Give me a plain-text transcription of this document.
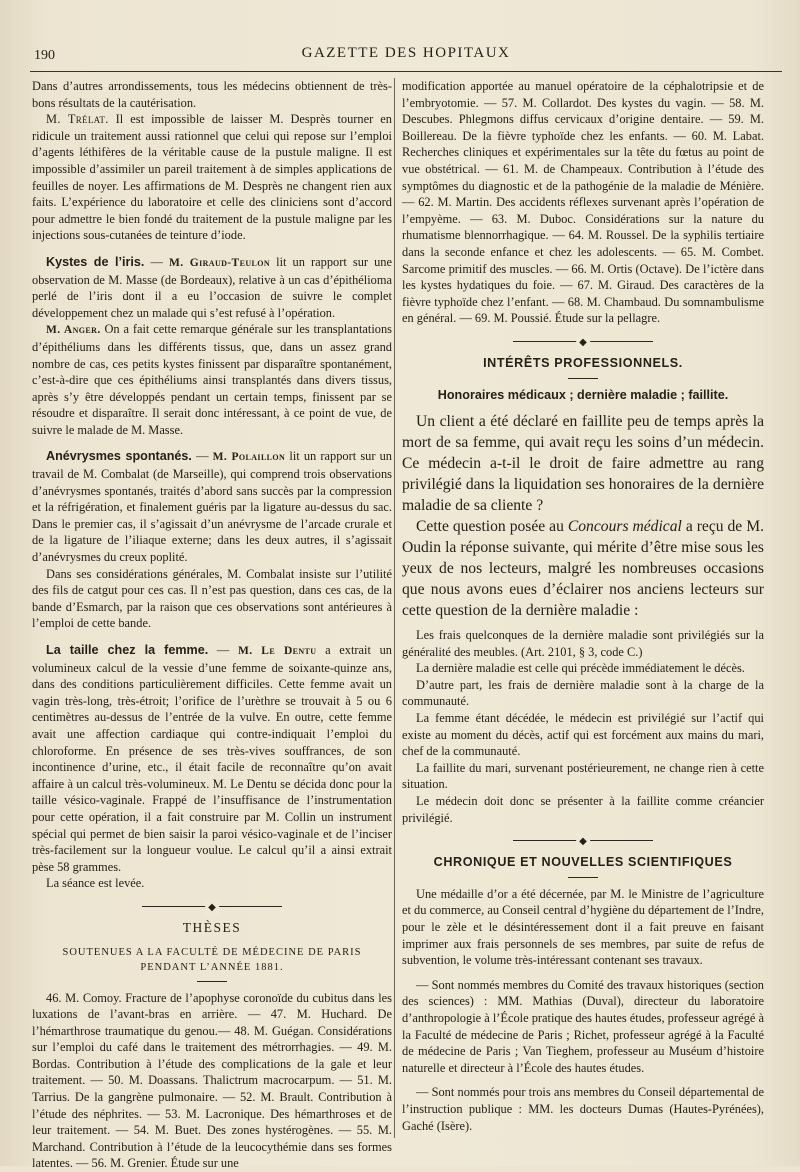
190	GAZETTE DES HOPITAUX

Dans d’autres arrondissements, tous les médecins obtiennent de très-bons résultats de la cautérisation.

M. Trélat. Il est impossible de laisser M. Desprès tourner en ridicule un traitement aussi rationnel que celui qui repose sur l’emploi d’agents léthifères de la véritable cause de la pustule maligne. Il est impossible d’assimiler un pareil traitement à de simples applications de feuilles de noyer. Les affirmations de M. Desprès ne changent rien aux faits. L’expérience du laboratoire et celle des cliniciens sont d’accord pour admettre le bien fondé du traitement de la pustule maligne par les injections sous-cutanées de teinture d’iode.

Kystes de l’iris. — M. Giraud-Teulon lit un rapport sur une observation de M. Masse (de Bordeaux), relative à un cas d’épithélioma perlé de l’iris dont il a eu l’occasion de suivre le complet développement chez un malade qui s’est refusé à l’opération.

M. Anger. On a fait cette remarque générale sur les transplantations d’épithéliums dans les différents tissus, que, dans un assez grand nombre de cas, ces petits kystes finissent par disparaître spontanément, c’est-à-dire que ces épithéliums ainsi transplantés dans divers tissus, après s’y être développés pendant un certain temps, finissent par se résoudre et disparaître. Il serait donc intéressant, à ce point de vue, de suivre le malade de M. Masse.

Anévrysmes spontanés. — M. Polaillon lit un rapport sur un travail de M. Combalat (de Marseille), qui comprend trois observations d’anévrysmes spontanés, traités d’abord sans succès par la compression et la réfrigération, et finalement guéris par la ligature au-dessus du sac. Dans le premier cas, il s’agissait d’un anévrysme de l’arcade crurale et de la ligature de l’iliaque externe; dans les deux autres, il s’agissait d’anévrysmes du creux poplité.

Dans ses considérations générales, M. Combalat insiste sur l’utilité des fils de catgut pour ces cas. Il n’est pas question, dans ces cas, de la bande d’Esmarch, par la raison que ces observations sont antérieures à l’emploi de cette bande.

La taille chez la femme. — M. Le Dentu a extrait un volumineux calcul de la vessie d’une femme de soixante-quinze ans, dans des conditions particulièrement difficiles. Cette femme avait un vagin très-long, très-étroit; l’orifice de l’urèthre se trouvait à 5 ou 6 centimètres au-dessus de l’entrée de la vulve. En outre, cette femme avait une affection cardiaque qui contre-indiquait l’emploi du chloroforme. En présence de ses très-vives souffrances, de son incontinence d’urine, etc., il était facile de reconnaître qu’on avait affaire à un calcul très-volumineux. M. Le Dentu se décida donc pour la taille vésico-vaginale. Frappé de l’insuffisance de l’instrumentation pour cette opération, il a fait construire par M. Collin un instrument spécial qui permet de bien saisir la paroi vésico-vaginale et de l’inciser très-facilement sur la longueur voulue. Le calcul qu’il a ainsi extrait pèse 58 grammes.

La séance est levée.

◆

THÈSES

SOUTENUES A LA FACULTÉ DE MÉDECINE DE PARIS
PENDANT L’ANNÉE 1881.

46. M. Comoy. Fracture de l’apophyse coronoïde du cubitus dans les luxations de l’avant-bras en arrière. — 47. M. Huchard. De l’hémarthrose traumatique du genou.— 48. M. Guégan. Considérations sur l’emploi du café dans le traitement des métrorrhagies. — 49. M. Bordas. Contribution à l’étude des complications de la gale et leur traitement. — 50. M. Doassans. Thalictrum macrocarpum. — 51. M. Tarrius. De la gangrène pulmonaire. — 52. M. Brault. Contribution à l’étude des néphrites. — 53. M. Lacronique. Des hémarthroses et de leur traitement. — 54. M. Buet. Des zones hystérogènes. — 55. M. Marchand. Contribution à l’étude de la leucocythémie dans ses formes latentes. — 56. M. Grenier. Étude sur une

modification apportée au manuel opératoire de la céphalotripsie et de l’embryotomie. — 57. M. Collardot. Des kystes du vagin. — 58. M. Descubes. Phlegmons diffus cervicaux d’origine dentaire. — 59. M. Boillereau. De la fièvre typhoïde chez les enfants. — 60. M. Labat. Recherches cliniques et expérimentales sur la tête du fœtus au point de vue obstétrical. — 61. M. de Champeaux. Contribution à l’étude des symptômes du diagnostic et de la pathogénie de la maladie de Ménière. — 62. M. Martin. Des accidents réflexes survenant après l’opération de l’empyème. — 63. M. Duboc. Considérations sur la nature du rhumatisme blennorrhagique. — 64. M. Roussel. De la syphilis tertiaire dans la seconde enfance et chez les adolescents. — 65. M. Combet. Sarcome primitif des muscles. — 66. M. Ortis (Octave). De l’ictère dans les kystes hydatiques du foie. — 67. M. Giraud. Des caractères de la fièvre typhoïde chez l’enfant. — 68. M. Chambaud. Du somnambulisme en général. — 69. M. Poussié. Étude sur la pellagre.

◆

INTÉRÊTS PROFESSIONNELS.

Honoraires médicaux ; dernière maladie ; faillite.

Un client a été déclaré en faillite peu de temps après la mort de sa femme, qui avait reçu les soins d’un médecin. Ce médecin a-t-il le droit de faire admettre au rang privilégié dans la liquidation ses honoraires de la dernière maladie de sa cliente ?

Cette question posée au Concours médical a reçu de M. Oudin la réponse suivante, qui mérite d’être mise sous les yeux de nos lecteurs, malgré les nombreuses occasions que nous avons eues d’éclairer nos anciens lecteurs sur cette question de la dernière maladie :

Les frais quelconques de la dernière maladie sont privilégiés sur la généralité des meubles. (Art. 2101, § 3, code C.)

La dernière maladie est celle qui précède immédiatement le décès.

D’autre part, les frais de dernière maladie sont à la charge de la communauté.

La femme étant décédée, le médecin est privilégié sur l’actif qui existe au moment du décès, actif qui est forcément aux mains du mari, chef de la communauté.

La faillite du mari, survenant postérieurement, ne change rien à cette situation.

Le médecin doit donc se présenter à la faillite comme créancier privilégié.

◆

CHRONIQUE ET NOUVELLES SCIENTIFIQUES

Une médaille d’or a été décernée, par M. le Ministre de l’agriculture et du commerce, au Conseil central d’hygiène du département de l’Indre, pour le zèle et le désintéressement dont il a fait preuve en faisant imprimer aux frais personnels de ses membres, par suite de refus de subvention, le volume très-intéressant contenant ses travaux.

— Sont nommés membres du Comité des travaux historiques (section des sciences) : MM. Mathias (Duval), directeur du laboratoire d’anthropologie à l’École pratique des hautes études, professeur agrégé à la Faculté de médecine de Paris ; Richet, professeur agrégé à la Faculté de médecine de Paris ; Van Tieghem, professeur au Muséum d’histoire naturelle et directeur à l’École des hautes études.

— Sont nommés pour trois ans membres du Conseil départemental de l’instruction publique : MM. les docteurs Dumas (Hautes-Pyrénées), Gaché (Isère).
